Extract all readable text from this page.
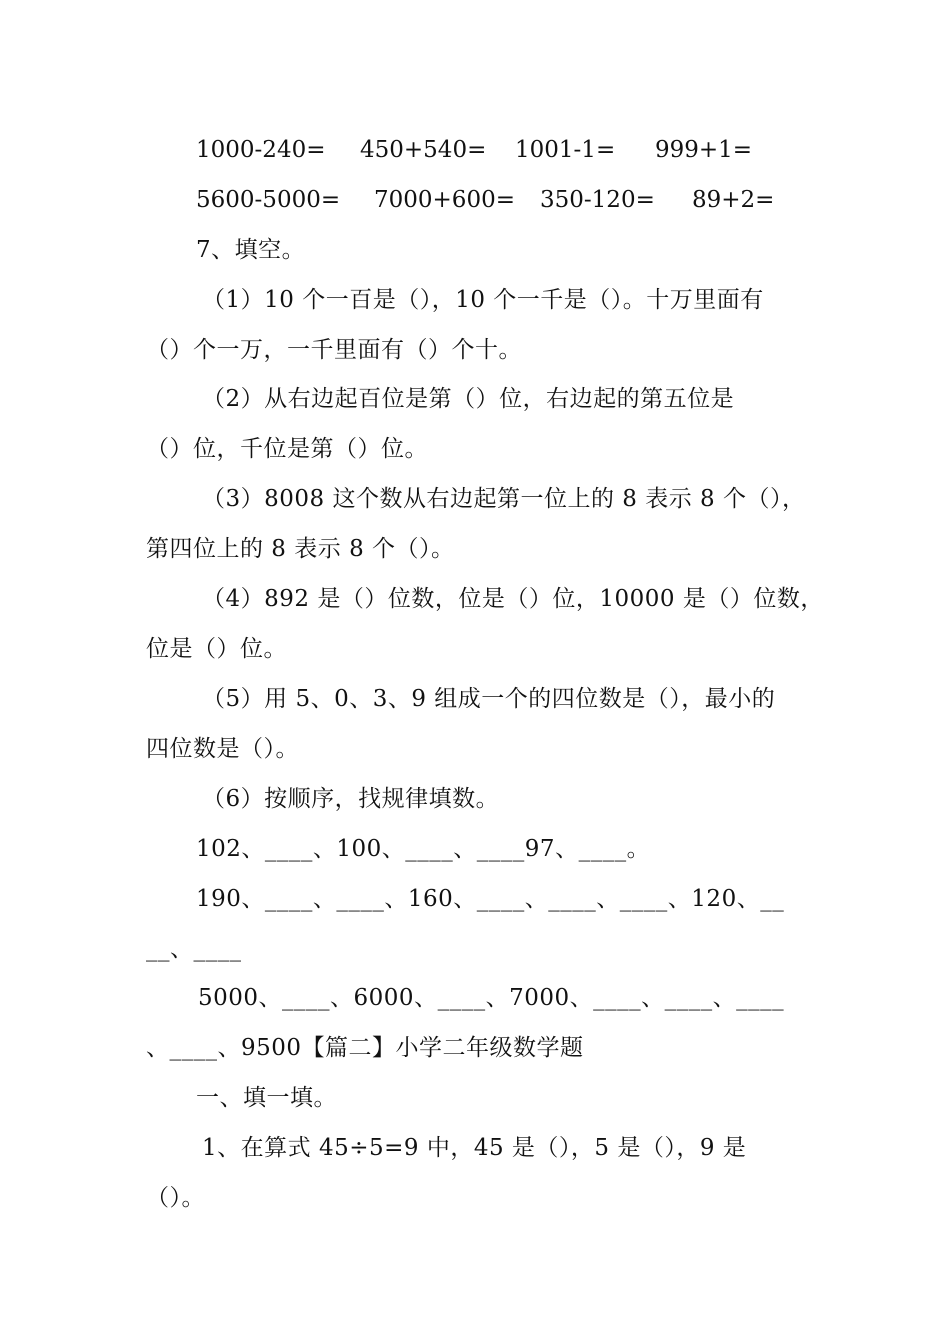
1000-240= 450+540= 1001-1= 999+1=
5600-5000= 7000+600= 350-120= 89+2=
7、填空。
（1）10 个一百是（），10 个一千是（）。十万里面有
（）个一万，一千里面有（）个十。
（2）从右边起百位是第（）位，右边起的第五位是
（）位，千位是第（）位。
（3）8008 这个数从右边起第一位上的 8 表示 8 个（），
第四位上的 8 表示 8 个（）。
（4）892 是（）位数，位是（）位，10000 是（）位数，
位是（）位。
（5）用 5、0、3、9 组成一个的四位数是（），最小的
四位数是（）。
（6）按顺序，找规律填数。
102、____、100、____、____97、____。
190、____、____、160、____、____、____、120、__
__、____
5000、____、6000、____、7000、____、____、____
、____、9500【篇二】小学二年级数学题
一、填一填。
1、在算式 45÷5=9 中，45 是（），5 是（），9 是
（）。
